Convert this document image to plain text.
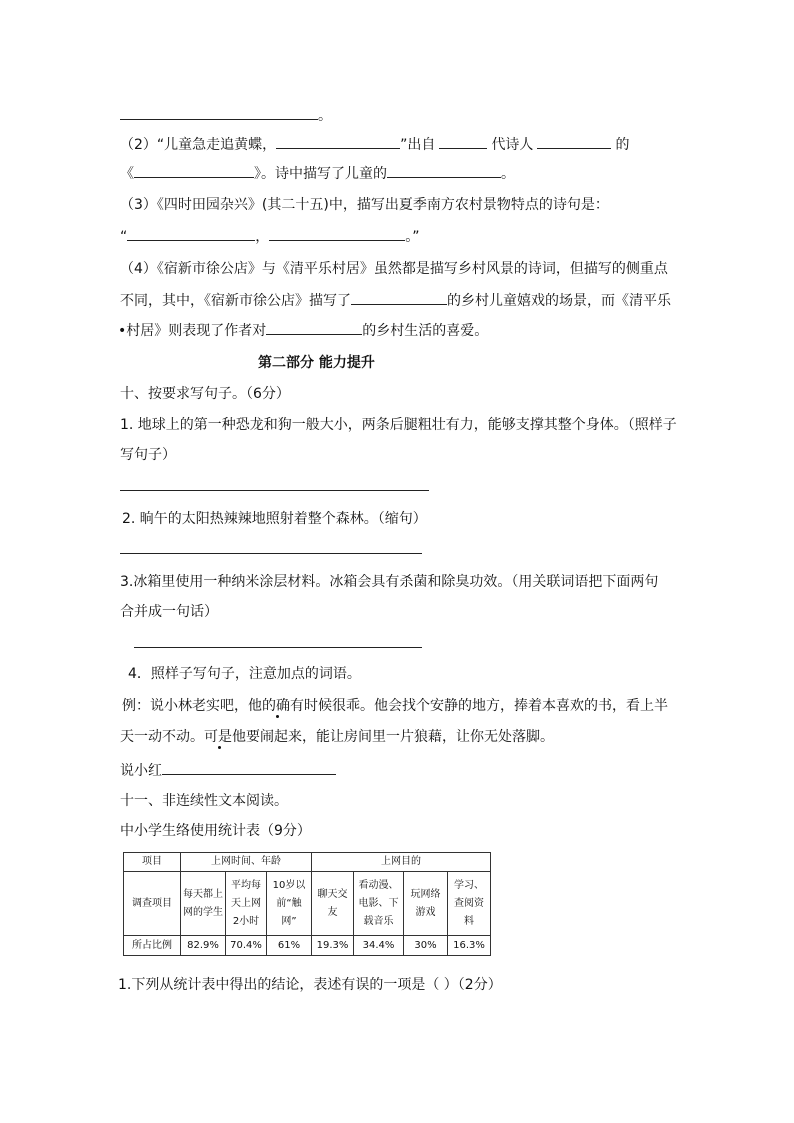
。
（2）“儿童急走追黄蝶，	”出自	代诗人	的
《	》。诗中描写了儿童的	。
（3）《四时田园杂兴》(其二十五)中，描写出夏季南方农村景物特点的诗句是：
“	，	。”
（4）《宿新市徐公店》与《清平乐村居》虽然都是描写乡村风景的诗词，但描写的侧重点
不同，其中，《宿新市徐公店》描写了	的乡村儿童嬉戏的场景，而《清平乐
•村居》则表现了作者对	的乡村生活的喜爱。
第二部分 能力提升
十、按要求写句子。（6分）
1. 地球上的第一种恐龙和狗一般大小，两条后腿粗壮有力，能够支撑其整个身体。（照样子
写句子）
2. 晌午的太阳热辣辣地照射着整个森林。（缩句）
3.冰箱里使用一种纳米涂层材料。冰箱会具有杀菌和除臭功效。（用关联词语把下面两句
合并成一句话）
4．照样子写句子，注意加点的词语。
例：说小林老实吧，他的确有时候很乖。他会找个安静的地方，捧着本喜欢的书，看上半
天一动不动。可是他要闹起来，能让房间里一片狼藉，让你无处落脚。
说小红
十一、非连续性文本阅读。
中小学生络使用统计表（9分）
项目	上网时间、年龄			上网目的			
调查项目	每天都上网的学生	平均每天上网2小时	10岁以前“触网”	聊天交友	看动漫、电影、下载音乐	玩网络游戏	学习、查阅资料
所占比例	82.9%	70.4%	61%	19.3%	34.4%	30%	16.3%
1.下列从统计表中得出的结论，表述有误的一项是（ ）（2分）
